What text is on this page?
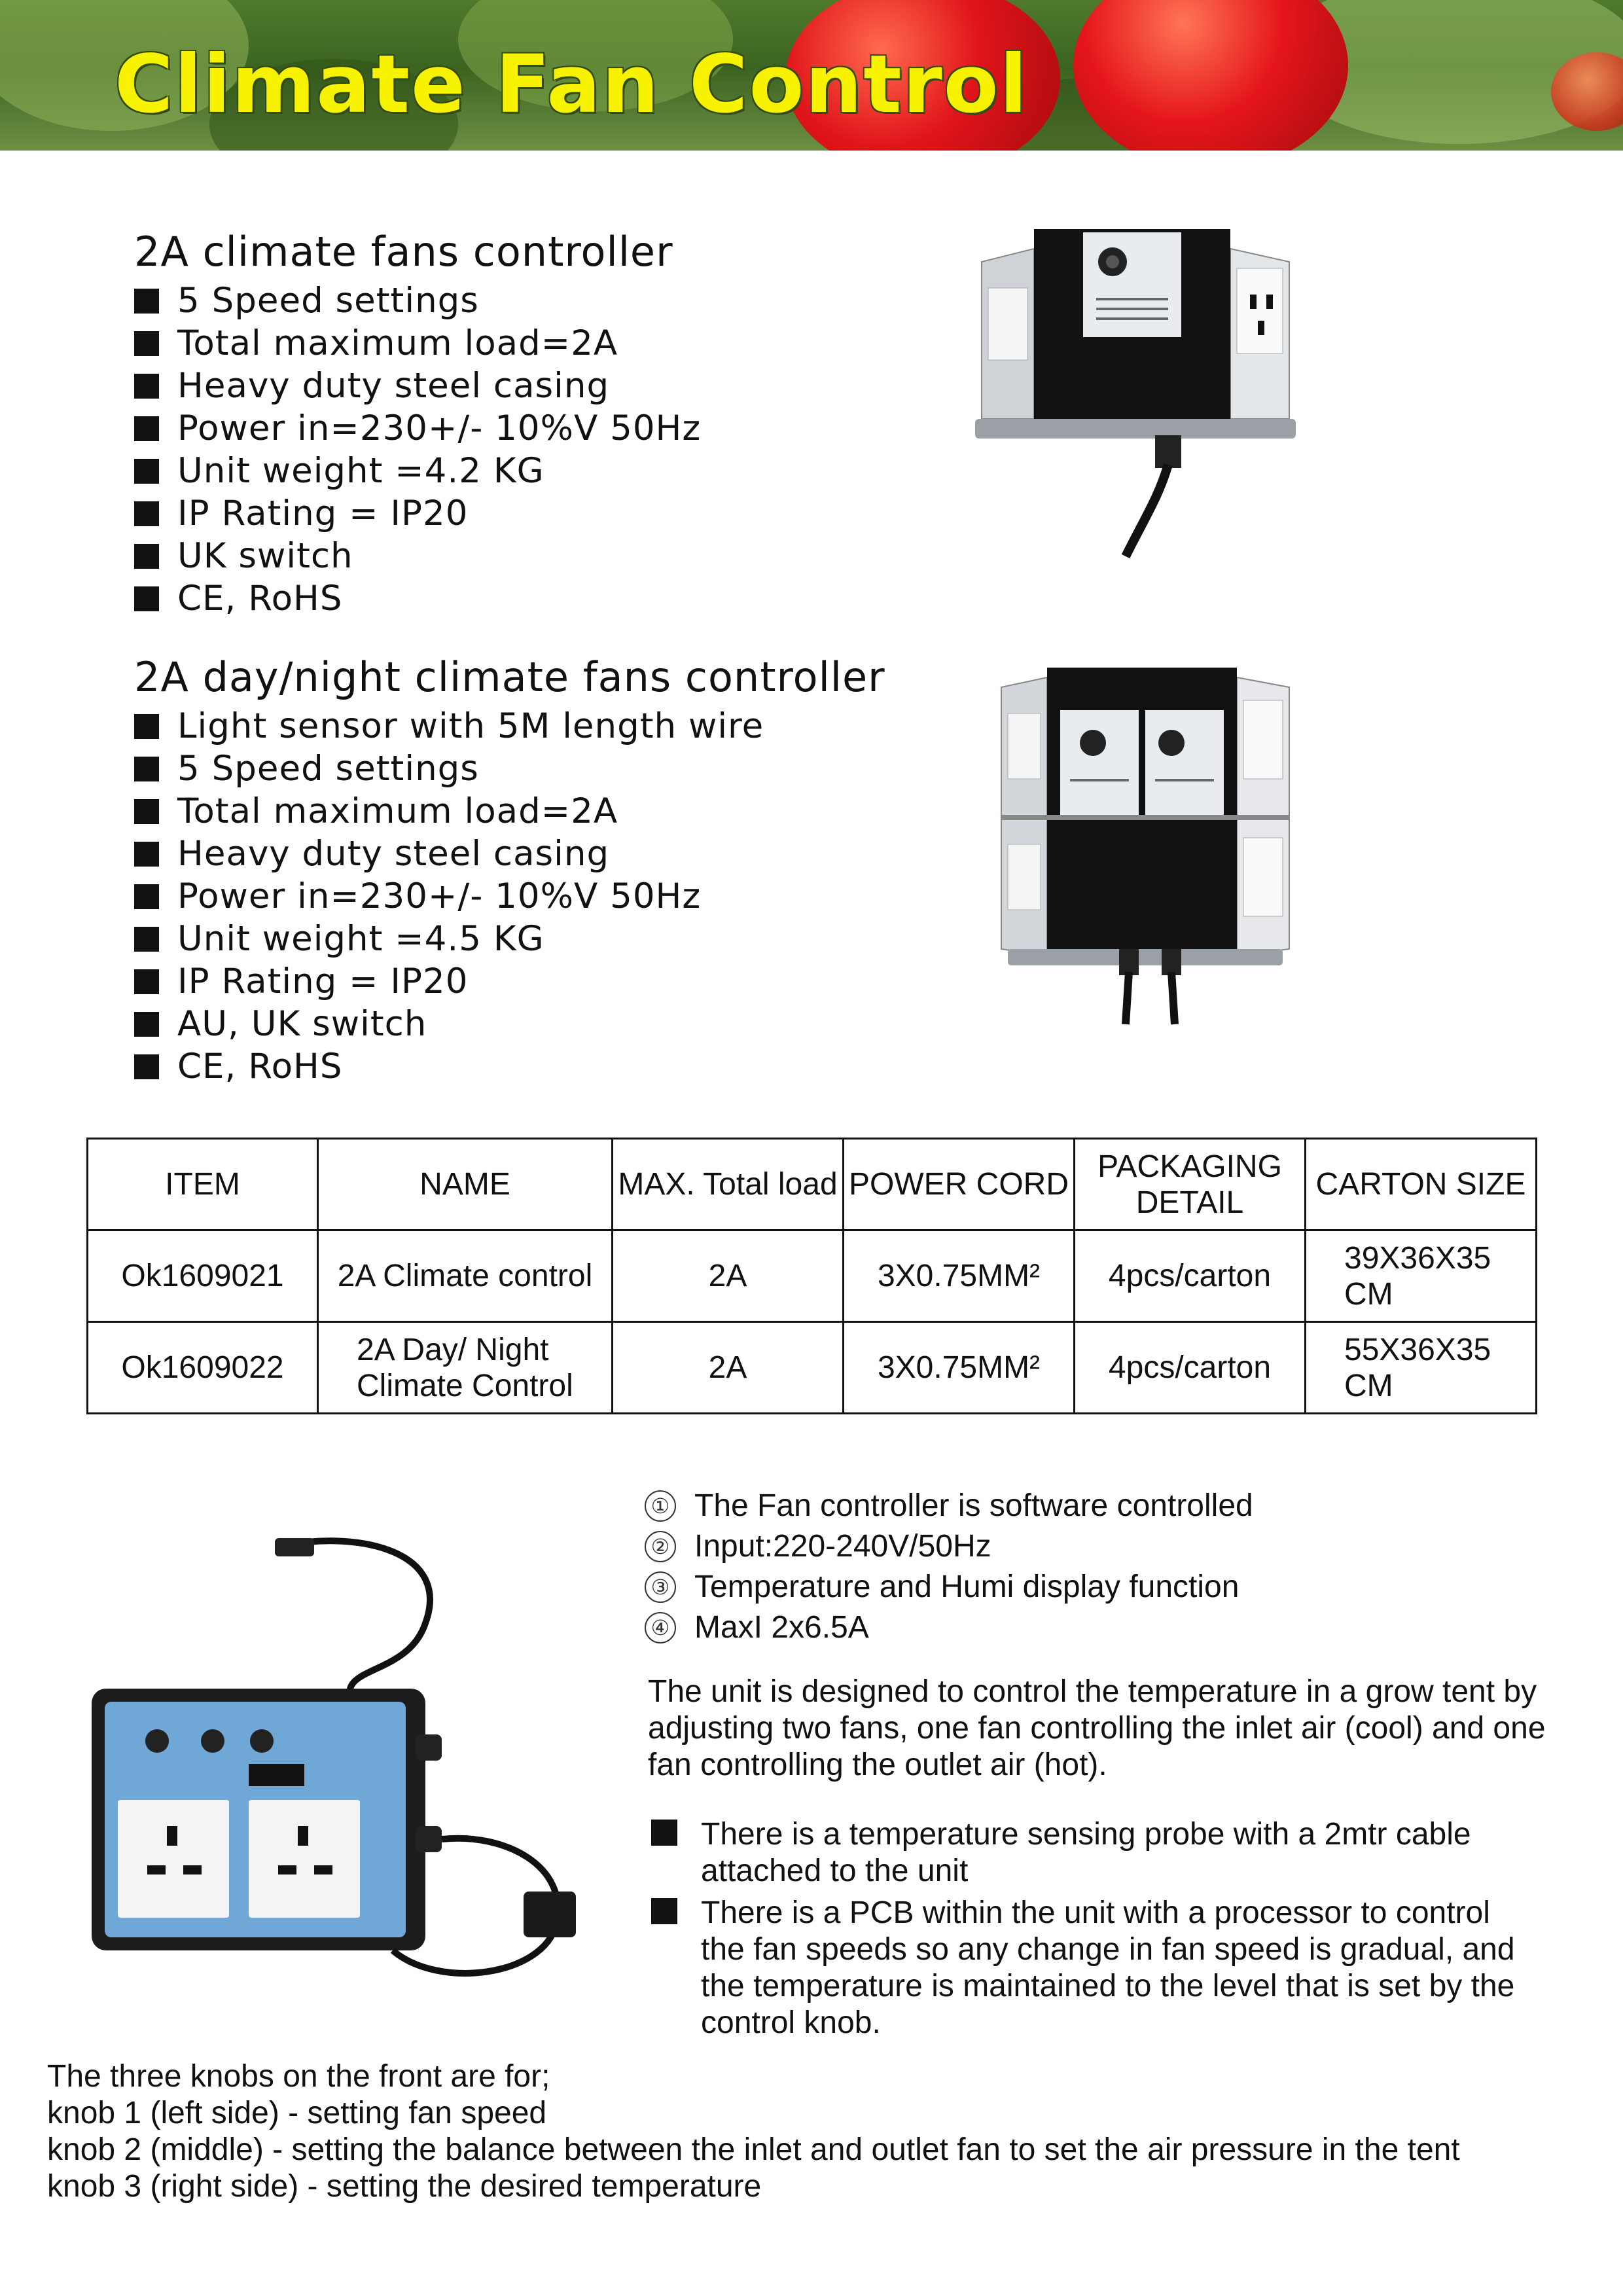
Climate Fan Control
2A climate fans controller
5 Speed settings
Total maximum load=2A
Heavy duty steel casing
Power in=230+/- 10%V 50Hz
Unit weight =4.2 KG
IP Rating = IP20
UK switch
CE, RoHS
2A day/night climate fans controller
Light sensor with 5M length wire
5 Speed settings
Total maximum load=2A
Heavy duty steel casing
Power in=230+/- 10%V 50Hz
Unit weight =4.5 KG
IP Rating = IP20
AU, UK switch
CE, RoHS
ITEM	NAME	MAX. Total load	POWER CORD	PACKAGING DETAIL	CARTON SIZE
Ok1609021	2A Climate control	2A	3X0.75MM²	4pcs/carton	39X36X35 CM
Ok1609022	2A Day/ Night Climate Control	2A	3X0.75MM²	4pcs/carton	55X36X35 CM
① The Fan controller is software controlled
② Input:220-240V/50Hz
③ Temperature and Humi display function
④ MaxI 2x6.5A

The unit is designed to control the temperature in a grow tent by adjusting two fans, one fan controlling the inlet air (cool) and one fan controlling the outlet air (hot).

There is a temperature sensing probe with a 2mtr cable attached to the unit
There is a PCB within the unit with a processor to control the fan speeds so any change in fan speed is gradual, and the temperature is maintained to the level that is set by the control knob.
The three knobs on the front are for;
knob 1 (left side) - setting fan speed
knob 2 (middle) - setting the balance between the inlet and outlet fan to set the air pressure in the tent
knob 3 (right side) - setting the desired temperature
